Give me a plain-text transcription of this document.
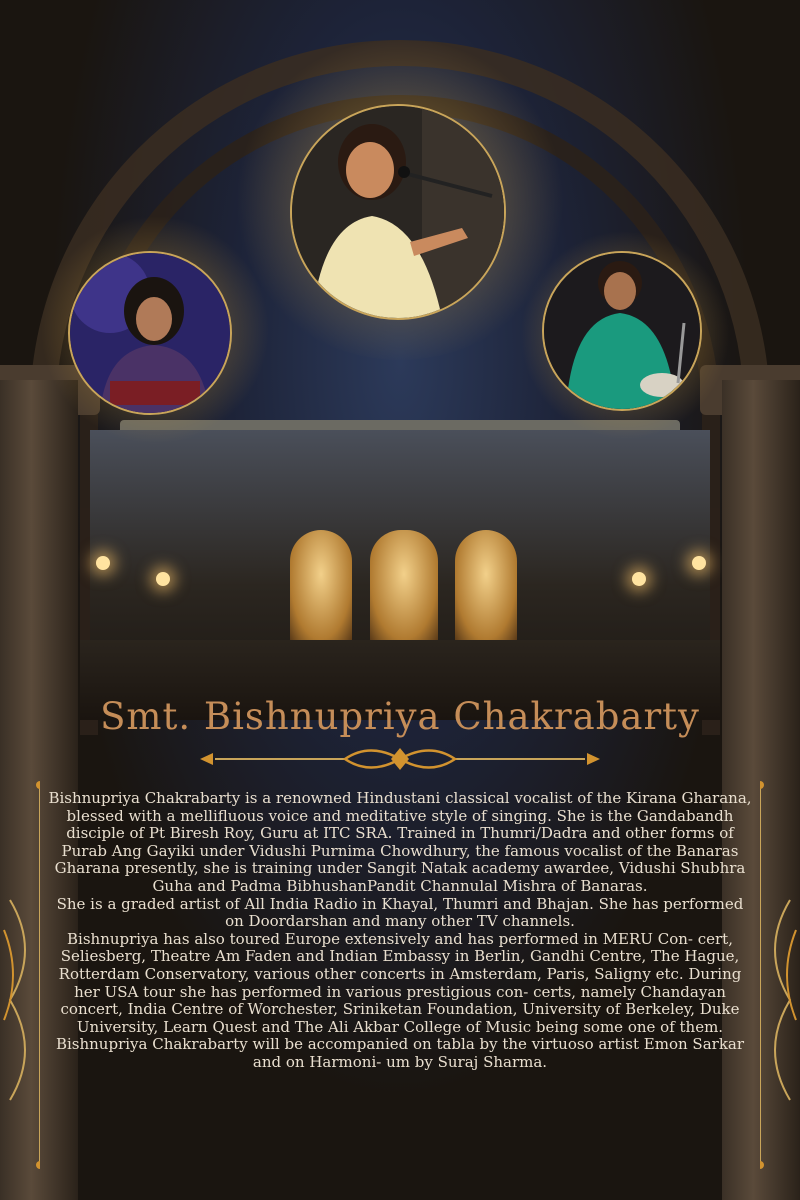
Smt. Bishnupriya Chakrabarty

Bishnupriya Chakrabarty is a renowned Hindustani classical vocalist of the Kirana Gharana, blessed with a mellifluous voice and meditative style of singing. She is the Gandabandh disciple of Pt Biresh Roy, Guru at ITC SRA. Trained in Thumri/Dadra and other forms of Purab Ang Gayiki under Vidushi Purnima Chowdhury, the famous vocalist of the Banaras Gharana presently, she is training under Sangit Natak academy awardee, Vidushi Shubhra Guha and Padma BibhushanPandit Channulal Mishra of Banaras.

She is a graded artist of All India Radio in Khayal, Thumri and Bhajan. She has performed on Doordarshan and many other TV channels.

Bishnupriya has also toured Europe extensively and has performed in MERU Con- cert, Seliesberg, Theatre Am Faden and Indian Embassy in Berlin, Gandhi Centre, The Hague, Rotterdam Conservatory, various other concerts in Amsterdam, Paris, Saligny etc. During her USA tour she has performed in various prestigious con- certs, namely Chandayan concert, India Centre of Worchester, Sriniketan Foundation, University of Berkeley, Duke University, Learn Quest and The Ali Akbar College of Music being some one of them. Bishnupriya Chakrabarty will be accompanied on tabla by the virtuoso artist Emon Sarkar and on Harmoni- um by Suraj Sharma.
